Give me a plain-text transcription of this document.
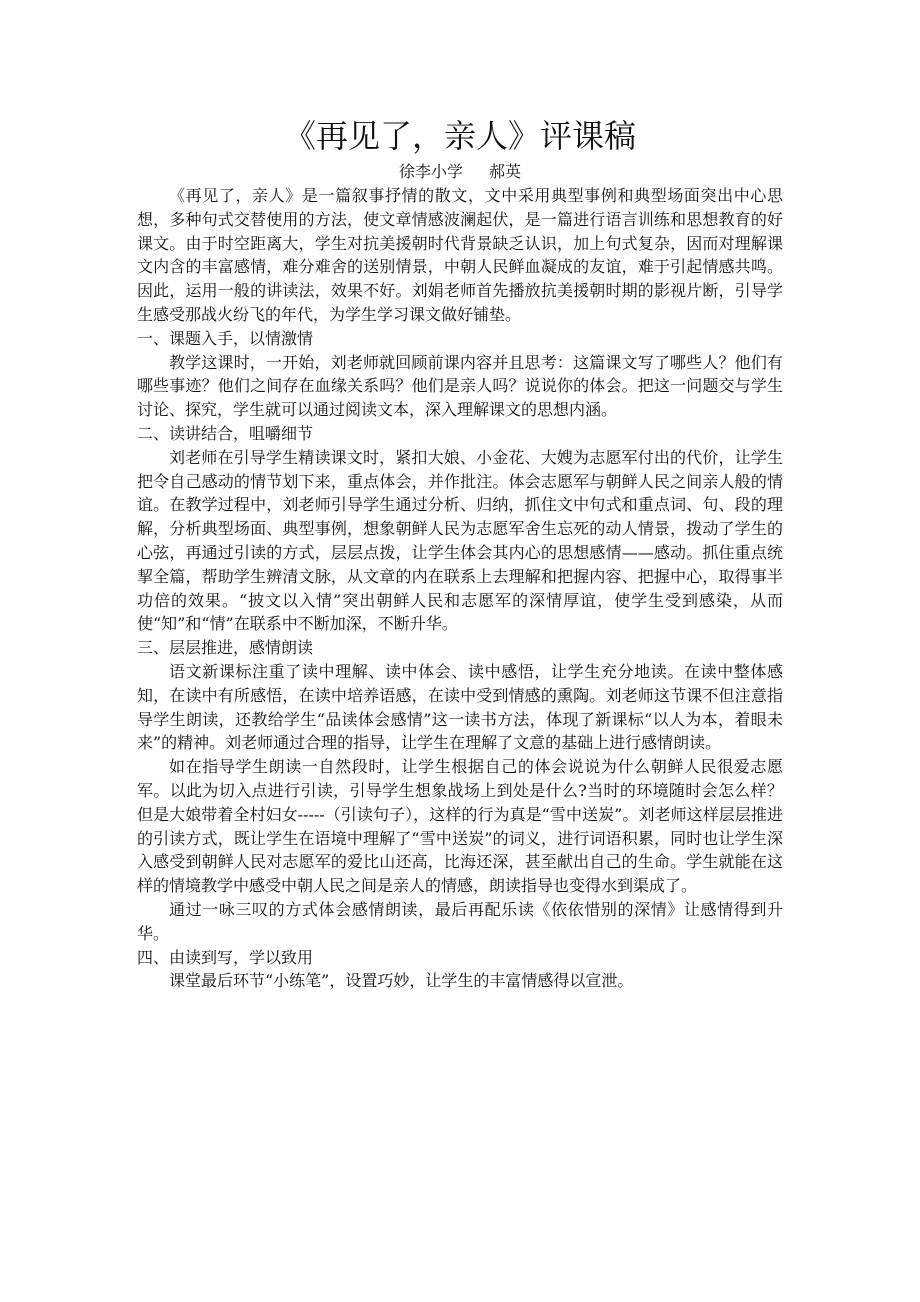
《再见了，亲人》评课稿

徐李小学 郝英

《再见了，亲人》是一篇叙事抒情的散文，文中采用典型事例和典型场面突出中心思想，多种句式交替使用的方法，使文章情感波澜起伏，是一篇进行语言训练和思想教育的好课文。由于时空距离大，学生对抗美援朝时代背景缺乏认识，加上句式复杂，因而对理解课文内含的丰富感情，难分难舍的送别情景，中朝人民鲜血凝成的友谊，难于引起情感共鸣。因此，运用一般的讲读法，效果不好。刘娟老师首先播放抗美援朝时期的影视片断，引导学生感受那战火纷飞的年代，为学生学习课文做好铺垫。

一、课题入手，以情激情

教学这课时，一开始，刘老师就回顾前课内容并且思考：这篇课文写了哪些人？他们有哪些事迹？他们之间存在血缘关系吗？他们是亲人吗？说说你的体会。把这一问题交与学生讨论、探究，学生就可以通过阅读文本，深入理解课文的思想内涵。

二、读讲结合，咀嚼细节

刘老师在引导学生精读课文时，紧扣大娘、小金花、大嫂为志愿军付出的代价，让学生把令自己感动的情节划下来，重点体会，并作批注。体会志愿军与朝鲜人民之间亲人般的情谊。在教学过程中，刘老师引导学生通过分析、归纳，抓住文中句式和重点词、句、段的理解，分析典型场面、典型事例，想象朝鲜人民为志愿军舍生忘死的动人情景，拨动了学生的心弦，再通过引读的方式，层层点拨，让学生体会其内心的思想感情——感动。抓住重点统挈全篇，帮助学生辨清文脉，从文章的内在联系上去理解和把握内容、把握中心，取得事半功倍的效果。“披文以入情”突出朝鲜人民和志愿军的深情厚谊，使学生受到感染，从而使“知”和“情”在联系中不断加深，不断升华。

三、层层推进，感情朗读

语文新课标注重了读中理解、读中体会、读中感悟，让学生充分地读。在读中整体感知，在读中有所感悟，在读中培养语感，在读中受到情感的熏陶。刘老师这节课不但注意指导学生朗读，还教给学生“品读体会感情”这一读书方法，体现了新课标“以人为本，着眼未来”的精神。刘老师通过合理的指导，让学生在理解了文意的基础上进行感情朗读。

如在指导学生朗读一自然段时，让学生根据自己的体会说说为什么朝鲜人民很爱志愿军。以此为切入点进行引读，引导学生想象战场上到处是什么?当时的环境随时会怎么样？但是大娘带着全村妇女-----（引读句子），这样的行为真是“雪中送炭”。刘老师这样层层推进的引读方式，既让学生在语境中理解了“雪中送炭”的词义，进行词语积累，同时也让学生深入感受到朝鲜人民对志愿军的爱比山还高，比海还深，甚至献出自己的生命。学生就能在这样的情境教学中感受中朝人民之间是亲人的情感，朗读指导也变得水到渠成了。

通过一咏三叹的方式体会感情朗读，最后再配乐读《依依惜别的深情》让感情得到升华。

四、由读到写，学以致用

课堂最后环节“小练笔”，设置巧妙，让学生的丰富情感得以宣泄。
